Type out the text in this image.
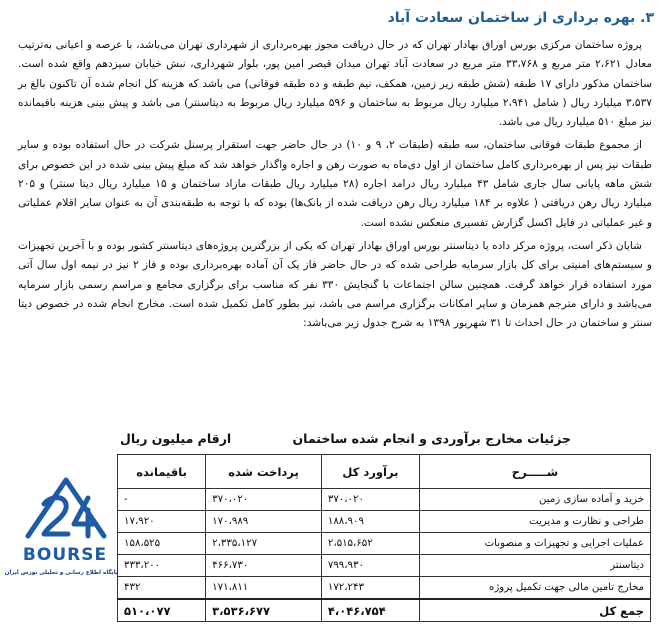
۳. بهره برداری از ساختمان سعادت آباد

پروژه ساختمان مرکزی بورس اوراق بهادار تهران که در حال دریافت مجوز بهره‌برداری از شهرداری تهران می‌باشد، با عرصه و اعیانی به‌ترتیب معادل ۲،۶۲۱ متر مربع و ۳۳،۷۶۸ متر مربع در سعادت آباد تهران میدان قیصر امین پور، بلوار شهرداری، نبش خیابان سیزدهم واقع شده است. ساختمان مذکور دارای ۱۷ طبقه (شش طبقه زیر زمین، همکف، نیم طبقه و ده طبقه فوقانی) می باشد که هزینه کل انجام شده آن تاکنون بالغ بر ۳،۵۳۷ میلیارد ریال ( شامل ۲،۹۴۱ میلیارد ریال مربوط به ساختمان و ۵۹۶ میلیارد ریال مربوط به دیتاسنتر) می باشد و پیش بینی هزینه باقیمانده نیز مبلغ ۵۱۰ میلیارد ریال می باشد.

از مجموع طبقات فوقانی ساختمان، سه طبقه (طبقات ۲، ۹ و ۱۰) در حال حاضر جهت استقرار پرسنل شرکت در حال استفاده بوده و سایر طبقات نیز پس از بهره‌برداری کامل ساختمان از اول دی‌ماه به صورت رهن و اجاره واگذار خواهد شد که مبلغ پیش بینی شده در این خصوص برای شش ماهه پایانی سال جاری شامل ۴۳ میلیارد ریال درامد اجاره (۲۸ میلیارد ریال طبقات مازاد ساختمان و ۱۵ میلیارد ریال دیتا سنتر) و ۲۰۵ میلیارد ریال رهن دریافتی ( علاوه بر ۱۸۴ میلیارد ریال رهن دریافت شده از بانک‌ها) بوده که با توجه به طبقه‌بندی آن به عنوان سایر اقلام عملیاتی و غیر عملیاتی در فایل اکسل گزارش تفسیری منعکس نشده است.

شایان ذکر است، پروژه مرکز داده یا دیتاسنتر بورس اوراق بهادار تهران که یکی از بزرگترین پروژه‌های دیتاسنتر کشور بوده و با آخرین تجهیزات و سیستم‌های امنیتی برای کل بازار سرمایه طراحی شده که در حال حاضر فاز یک آن آماده بهره‌برداری بوده و فاز ۲ نیز در نیمه اول سال آتی مورد استفاده قرار خواهد گرفت. همچنین سالن اجتماعات با گنجایش ۳۳۰ نفر که مناسب برای برگزاری مجامع و مراسم رسمی بازار سرمایه می‌باشد و دارای مترجم همزمان و سایر امکانات برگزاری مراسم می باشد، نیز بطور کامل تکمیل شده است. مخارج انجام شده در خصوص دیتا سنتر و ساختمان در حال احداث تا ۳۱ شهریور ۱۳۹۸ به شرح جدول زیر می‌باشد:

جزئیات مخارج برآوردی و انجام شده ساختمان
ارقام میلیون ریال
شـــــرح	برآورد کل	پرداخت شده	باقیمانده
خرید و آماده سازی زمین	۳۷۰،۰۲۰	۳۷۰،۰۲۰	-
طراحی و نظارت و مدیریت	۱۸۸،۹۰۹	۱۷۰،۹۸۹	۱۷،۹۲۰
عملیات اجرایی و تجهیزات و منصوبات	۲،۵۱۵،۶۵۲	۲،۳۳۵،۱۲۷	۱۵۸،۵۲۵
دیتاسنتر	۷۹۹،۹۳۰	۴۶۶،۷۳۰	۳۳۳،۲۰۰
مخارج تامین مالی جهت تکمیل پروژه	۱۷۲،۲۴۳	۱۷۱،۸۱۱	۴۳۲
جمع کل	۴،۰۴۶،۷۵۴	۳،۵۳۶،۶۷۷	۵۱۰،۰۷۷
BOURSE
پایگاه اطلاع رسانی و تحلیلی بورس ایران
